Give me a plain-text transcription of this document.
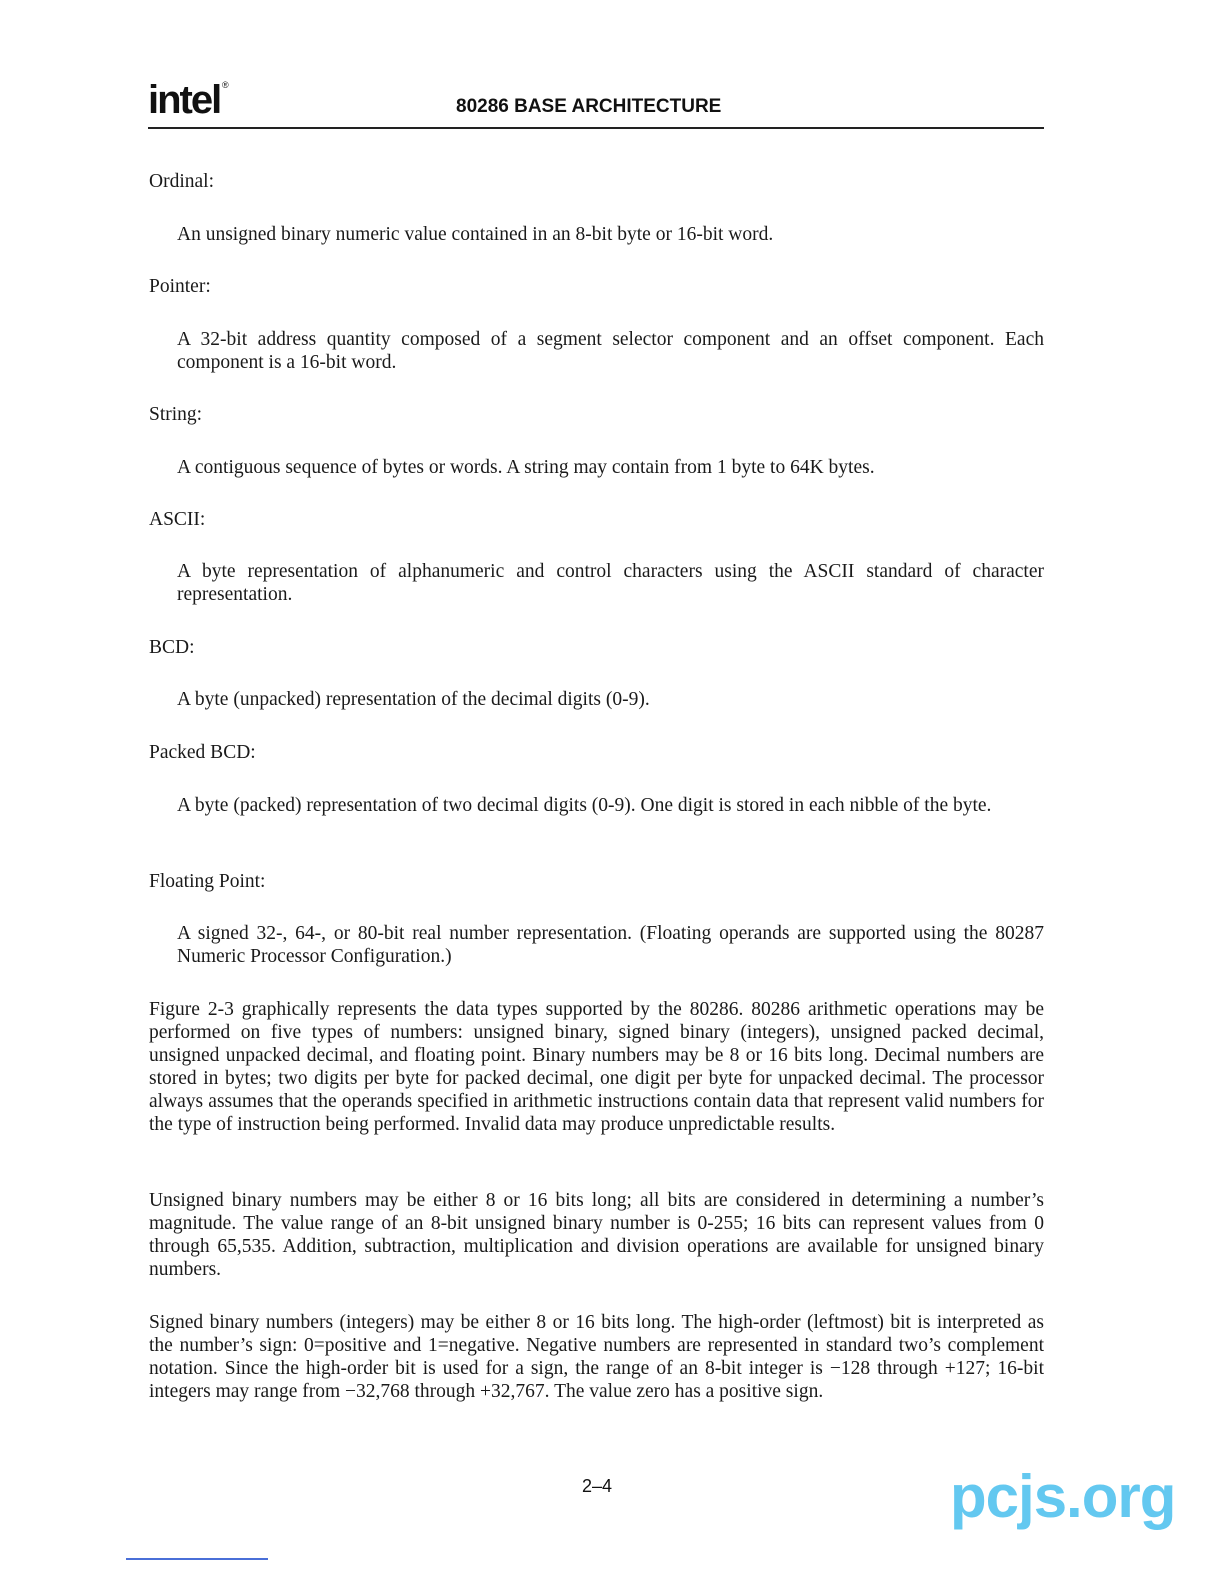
intel ®
80286 BASE ARCHITECTURE
Ordinal:
An unsigned binary numeric value contained in an 8-bit byte or 16-bit word.
Pointer:
A 32-bit address quantity composed of a segment selector component and an offset component. Each component is a 16-bit word.
String:
A contiguous sequence of bytes or words. A string may contain from 1 byte to 64K bytes.
ASCII:
A byte representation of alphanumeric and control characters using the ASCII standard of character representation.
BCD:
A byte (unpacked) representation of the decimal digits (0-9).
Packed BCD:
A byte (packed) representation of two decimal digits (0-9). One digit is stored in each nibble of the byte.
Floating Point:
A signed 32-, 64-, or 80-bit real number representation. (Floating operands are supported using the 80287 Numeric Processor Configuration.)
Figure 2-3 graphically represents the data types supported by the 80286. 80286 arithmetic operations may be performed on five types of numbers: unsigned binary, signed binary (integers), unsigned packed decimal, unsigned unpacked decimal, and floating point. Binary numbers may be 8 or 16 bits long. Decimal numbers are stored in bytes; two digits per byte for packed decimal, one digit per byte for unpacked decimal. The processor always assumes that the operands specified in arithmetic instructions contain data that represent valid numbers for the type of instruction being performed. Invalid data may produce unpredictable results.
Unsigned binary numbers may be either 8 or 16 bits long; all bits are considered in determining a number’s magnitude. The value range of an 8-bit unsigned binary number is 0-255; 16 bits can represent values from 0 through 65,535. Addition, subtraction, multiplication and division operations are available for unsigned binary numbers.
Signed binary numbers (integers) may be either 8 or 16 bits long. The high-order (leftmost) bit is interpreted as the number’s sign: 0=positive and 1=negative. Negative numbers are represented in standard two’s complement notation. Since the high-order bit is used for a sign, the range of an 8-bit integer is −128 through +127; 16-bit integers may range from −32,768 through +32,767. The value zero has a positive sign.
2–4	pcjs.org
